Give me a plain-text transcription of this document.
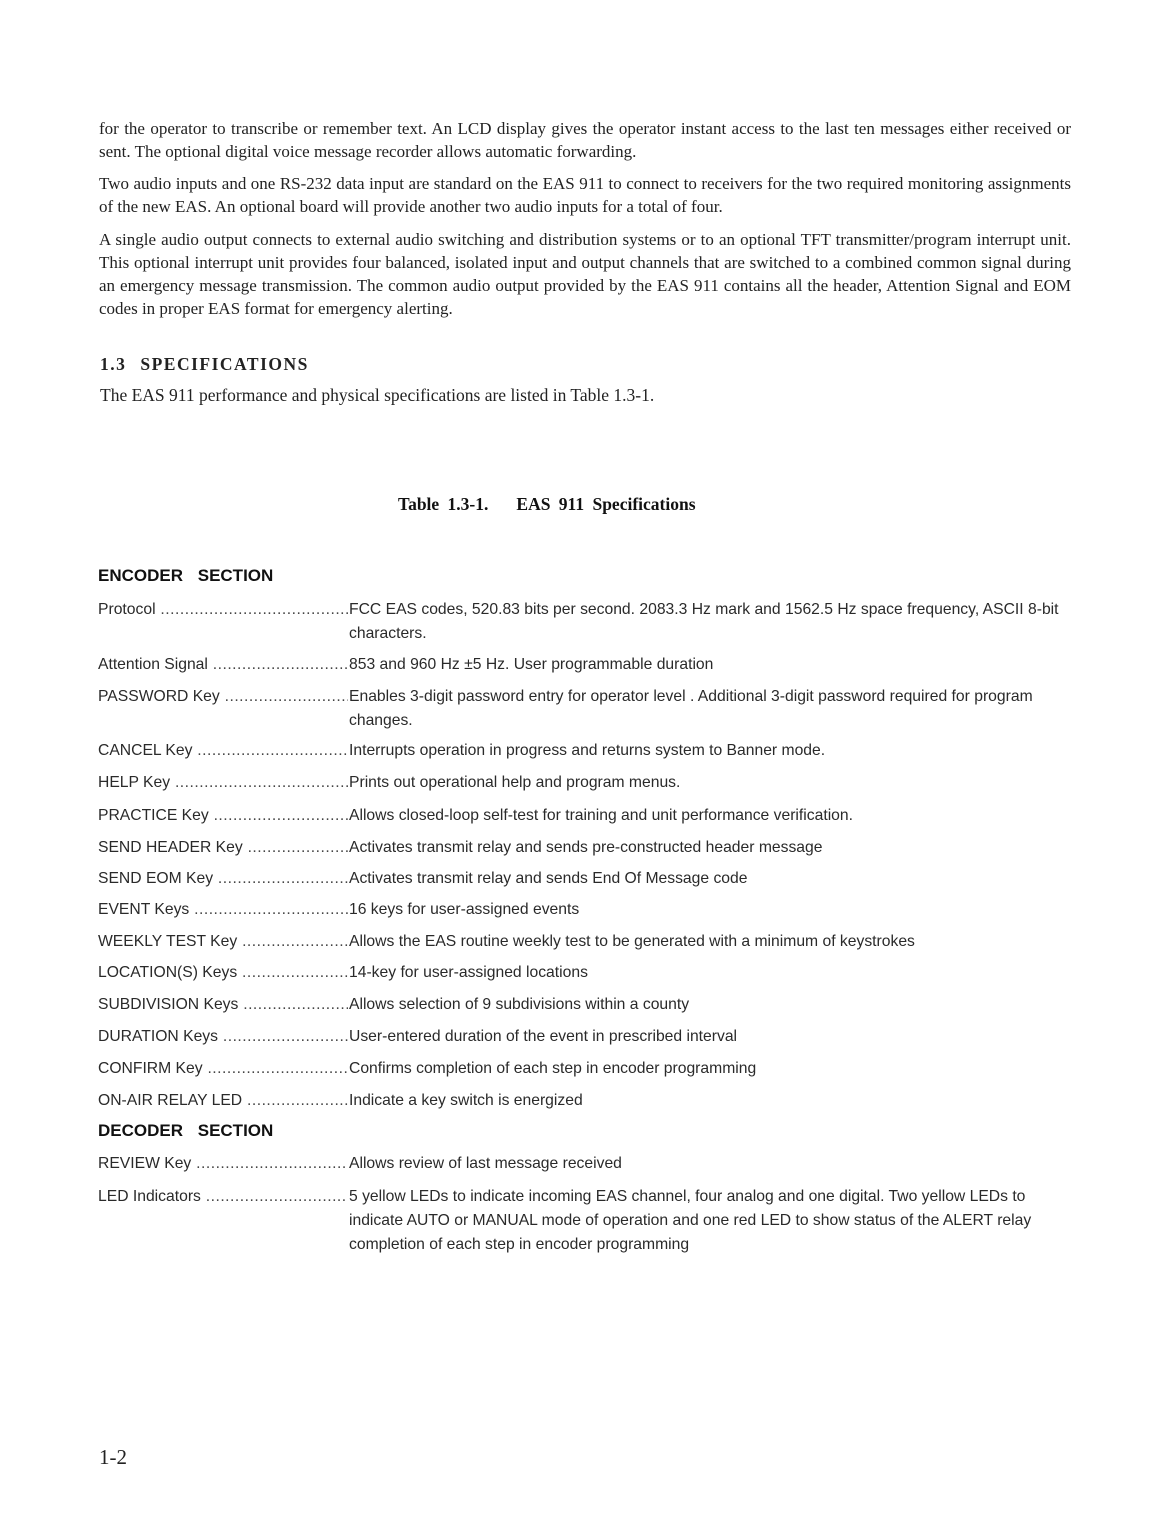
for the operator to transcribe or remember text. An LCD display gives the operator instant access to the last ten messages either received or sent. The optional digital voice message recorder allows automatic forwarding.
Two audio inputs and one RS-232 data input are standard on the EAS 911 to connect to receivers for the two required monitoring assignments of the new EAS. An optional board will provide another two audio inputs for a total of four.
A single audio output connects to external audio switching and distribution systems or to an optional TFT transmitter/program interrupt unit. This optional interrupt unit provides four balanced, isolated input and output channels that are switched to a combined common signal during an emergency message transmission. The common audio output provided by the EAS 911 contains all the header, Attention Signal and EOM codes in proper EAS format for emergency alerting.
1.3 SPECIFICATIONS
The EAS 911 performance and physical specifications are listed in Table 1.3-1.
Table 1.3-1. EAS 911 Specifications
ENCODER SECTION
Protocol .....	FCC EAS codes, 520.83 bits per second. 2083.3 Hz mark and 1562.5 Hz space frequency, ASCII 8-bit characters.
Attention Signal .....	853 and 960 Hz ±5 Hz. User programmable duration
PASSWORD Key .....	Enables 3-digit password entry for operator level . Additional 3-digit password required for program changes.
CANCEL Key .....	Interrupts operation in progress and returns system to Banner mode.
HELP Key .....	Prints out operational help and program menus.
PRACTICE Key .....	Allows closed-loop self-test for training and unit performance verification.
SEND HEADER Key .....	Activates transmit relay and sends pre-constructed header message
SEND EOM Key .....	Activates transmit relay and sends End Of Message code
EVENT Keys .....	16 keys for user-assigned events
WEEKLY TEST Key .....	Allows the EAS routine weekly test to be generated with a minimum of keystrokes
LOCATION(S) Keys .....	14-key for user-assigned locations
SUBDIVISION Keys .....	Allows selection of 9 subdivisions within a county
DURATION Keys .....	User-entered duration of the event in prescribed interval
CONFIRM Key .....	Confirms completion of each step in encoder programming
ON-AIR RELAY LED .....	Indicate a key switch is energized
DECODER SECTION
REVIEW Key .....	Allows review of last message received
LED Indicators .....	5 yellow LEDs to indicate incoming EAS channel, four analog and one digital. Two yellow LEDs to indicate AUTO or MANUAL mode of operation and one red LED to show status of the ALERT relay completion of each step in encoder programming
1-2
